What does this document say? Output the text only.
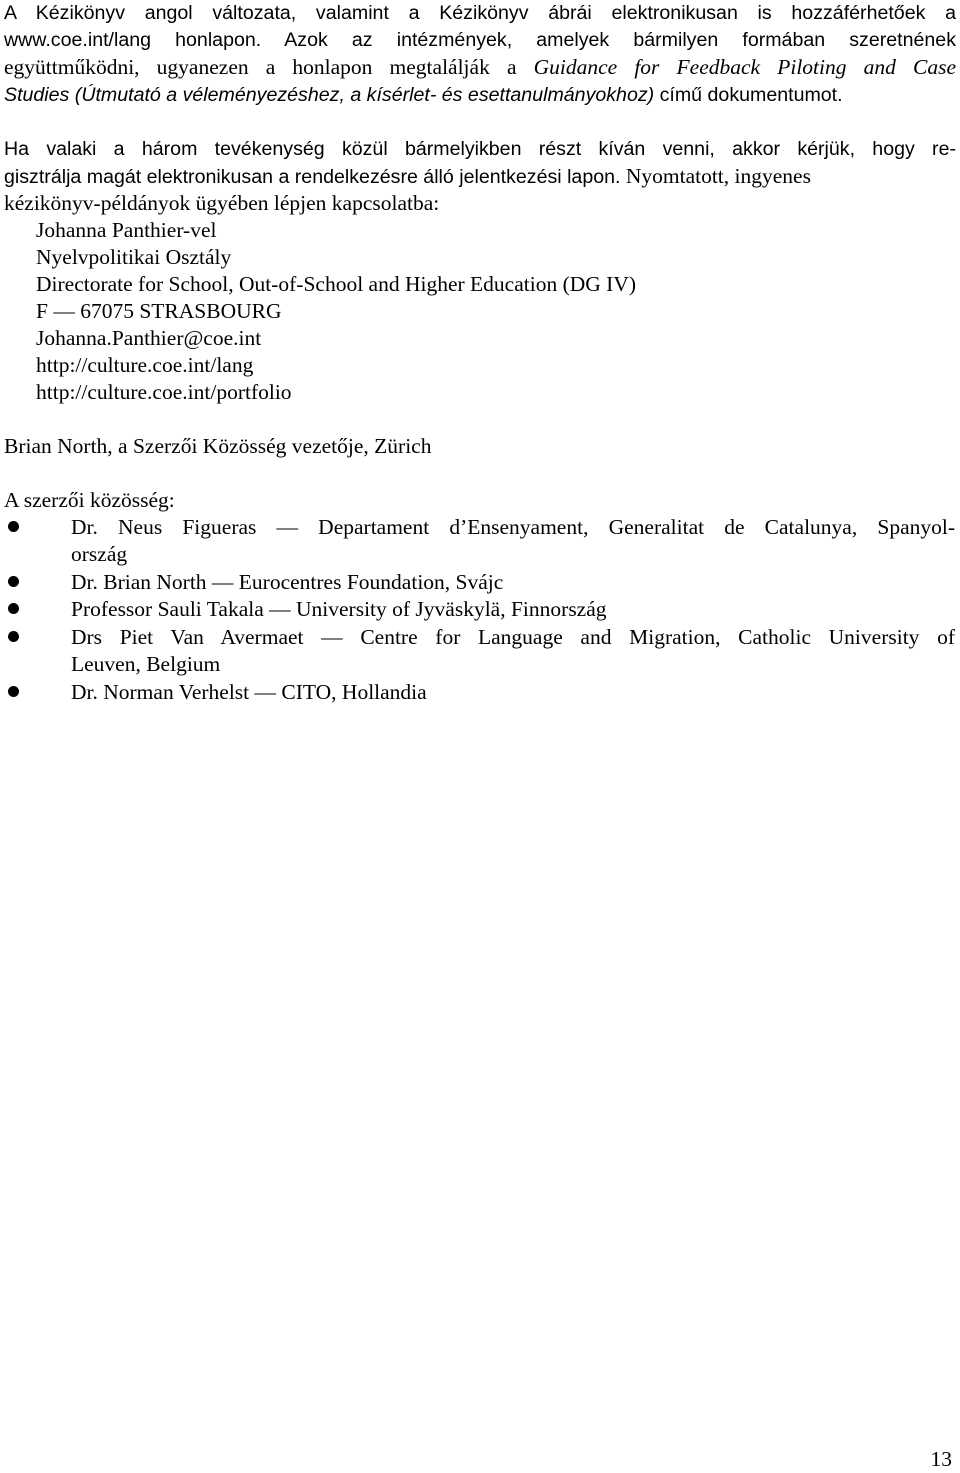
A Kézikönyv angol változata, valamint a Kézikönyv ábrái elektronikusan is hozzáférhetőek a
www.coe.int/lang honlapon. Azok az intézmények, amelyek bármilyen formában szeretnének
együttműködni, ugyanezen a honlapon megtalálják a Guidance for Feedback Piloting and Case
Studies (Útmutató a véleményezéshez, a kísérlet- és esettanulmányokhoz) című dokumentumot.
Ha valaki a három tevékenység közül bármelyikben részt kíván venni, akkor kérjük, hogy re-
gisztrálja magát elektronikusan a rendelkezésre álló jelentkezési lapon. Nyomtatott, ingyenes
kézikönyv-példányok ügyében lépjen kapcsolatba:
Johanna Panthier-vel
Nyelvpolitikai Osztály
Directorate for School, Out-of-School and Higher Education (DG IV)
F — 67075 STRASBOURG
Johanna.Panthier@coe.int
http://culture.coe.int/lang
http://culture.coe.int/portfolio
Brian North, a Szerzői Közösség vezetője, Zürich
A szerzői közösség:
Dr. Neus Figueras — Departament d’Ensenyament, Generalitat de Catalunya, Spanyol-
ország
Dr. Brian North — Eurocentres Foundation, Svájc
Professor Sauli Takala — University of Jyväskylä, Finnország
Drs Piet Van Avermaet — Centre for Language and Migration, Catholic University of
Leuven, Belgium
Dr. Norman Verhelst — CITO, Hollandia
13
